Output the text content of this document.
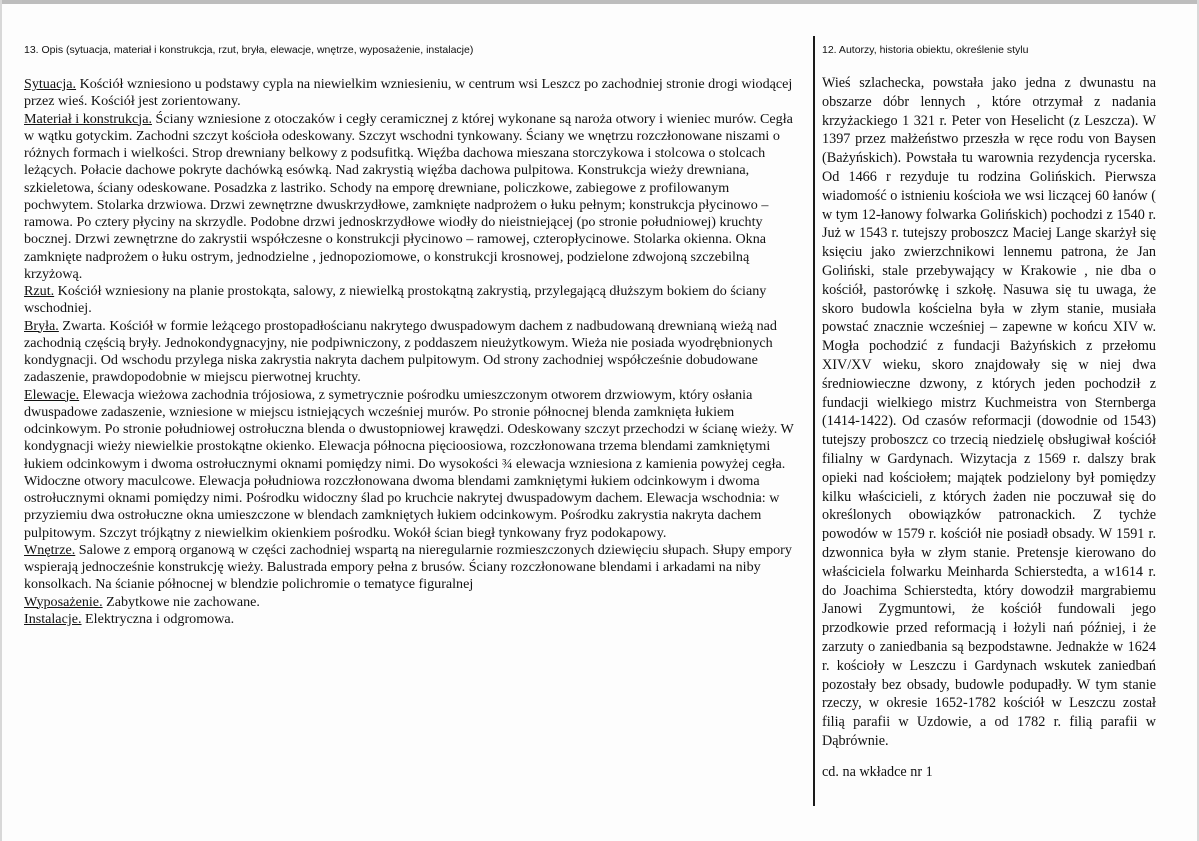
13. Opis (sytuacja, materiał i konstrukcja, rzut, bryła, elewacje, wnętrze, wyposażenie, instalacje)	12. Autorzy, historia obiektu, określenie stylu

Sytuacja. Kościół wzniesiono u podstawy cypla na niewielkim wzniesieniu, w centrum wsi Leszcz po zachodniej stronie drogi wiodącej przez wieś. Kościół jest zorientowany.

Materiał i konstrukcja. Ściany wzniesione z otoczaków i cegły ceramicznej z której wykonane są naroża otwory i wieniec murów. Cegła w wątku gotyckim. Zachodni szczyt kościoła odeskowany. Szczyt wschodni tynkowany. Ściany we wnętrzu rozczłonowane niszami o różnych formach i wielkości. Strop drewniany belkowy z podsufitką. Więźba dachowa mieszana storczykowa i stolcowa o stolcach leżących. Połacie dachowe pokryte dachówką esówką. Nad zakrystią więźba dachowa pulpitowa. Konstrukcja wieży drewniana, szkieletowa, ściany odeskowane. Posadzka z lastriko. Schody na emporę drewniane, policzkowe, zabiegowe z profilowanym pochwytem. Stolarka drzwiowa. Drzwi zewnętrzne dwuskrzydłowe, zamknięte nadprożem o łuku pełnym; konstrukcja płycinowo – ramowa. Po cztery płyciny na skrzydle. Podobne drzwi jednoskrzydłowe wiodły do nieistniejącej (po stronie południowej) kruchty bocznej. Drzwi zewnętrzne do zakrystii współczesne o konstrukcji płycinowo – ramowej, czteropłycinowe. Stolarka okienna. Okna zamknięte nadprożem o łuku ostrym, jednodzielne , jednopoziomowe, o konstrukcji krosnowej, podzielone zdwojoną szczebilną krzyżową.

Rzut. Kościół wzniesiony na planie prostokąta, salowy, z niewielką prostokątną zakrystią, przylegającą dłuższym bokiem do ściany wschodniej.

Bryła. Zwarta. Kościół w formie leżącego prostopadłościanu nakrytego dwuspadowym dachem z nadbudowaną drewnianą wieżą nad zachodnią częścią bryły. Jednokondygnacyjny, nie podpiwniczony, z poddaszem nieużytkowym. Wieża nie posiada wyodrębnionych kondygnacji. Od wschodu przylega niska zakrystia nakryta dachem pulpitowym. Od strony zachodniej współcześnie dobudowane zadaszenie, prawdopodobnie w miejscu pierwotnej kruchty.

Elewacje. Elewacja wieżowa zachodnia trójosiowa, z symetrycznie pośrodku umieszczonym otworem drzwiowym, który osłania dwuspadowe zadaszenie, wzniesione w miejscu istniejących wcześniej murów. Po stronie północnej blenda zamknięta łukiem odcinkowym. Po stronie południowej ostrołuczna blenda o dwustopniowej krawędzi. Odeskowany szczyt przechodzi w ścianę wieży. W kondygnacji wieży niewielkie prostokątne okienko. Elewacja północna pięcioosiowa, rozczłonowana trzema blendami zamkniętymi łukiem odcinkowym i dwoma ostrołucznymi oknami pomiędzy nimi. Do wysokości ¾ elewacja wzniesiona z kamienia powyżej cegła. Widoczne otwory maculcowe. Elewacja południowa rozczłonowana dwoma blendami zamkniętymi łukiem odcinkowym i dwoma ostrołucznymi oknami pomiędzy nimi. Pośrodku widoczny ślad po kruchcie nakrytej dwuspadowym dachem. Elewacja wschodnia: w przyziemiu dwa ostrołuczne okna umieszczone w blendach zamkniętych łukiem odcinkowym. Pośrodku zakrystia nakryta dachem pulpitowym. Szczyt trójkątny z niewielkim okienkiem pośrodku. Wokół ścian biegł tynkowany fryz podokapowy.

Wnętrze. Salowe z emporą organową w części zachodniej wspartą na nieregularnie rozmieszczonych dziewięciu słupach. Słupy empory wspierają jednocześnie konstrukcję wieży. Balustrada empory pełna z brusów. Ściany rozczłonowane blendami i arkadami na niby konsolkach. Na ścianie północnej w blendzie polichromie o tematyce figuralnej

Wyposażenie. Zabytkowe nie zachowane.

Instalacje. Elektryczna i odgromowa.

Wieś szlachecka, powstała jako jedna z dwunastu na obszarze dóbr lennych , które otrzymał z nadania krzyżackiego 1 321 r. Peter von Heselicht (z Leszcza). W 1397 przez małżeństwo przeszła w ręce rodu von Baysen (Bażyńskich). Powstała tu warownia rezydencja rycerska. Od 1466 r rezyduje tu rodzina Golińskich. Pierwsza wiadomość o istnieniu kościoła we wsi liczącej 60 łanów ( w tym 12-łanowy folwarka Golińskich) pochodzi z 1540 r. Już w 1543 r. tutejszy proboszcz Maciej Lange skarżył się księciu jako zwierzchnikowi lennemu patrona, że Jan Goliński, stale przebywający w Krakowie , nie dba o kościół, pastorówkę i szkołę. Nasuwa się tu uwaga, że skoro budowla kościelna była w złym stanie, musiała powstać znacznie wcześniej – zapewne w końcu XIV w. Mogła pochodzić z fundacji Bażyńskich z przełomu XIV/XV wieku, skoro znajdowały się w niej dwa średniowieczne dzwony, z których jeden pochodził z fundacji wielkiego mistrz Kuchmeistra von Sternberga (1414-1422). Od czasów reformacji (dowodnie od 1543) tutejszy proboszcz co trzecią niedzielę obsługiwał kościół filialny w Gardynach. Wizytacja z 1569 r. dalszy brak opieki nad kościołem; majątek podzielony był pomiędzy kilku właścicieli, z których żaden nie poczuwał się do określonych obowiązków patronackich. Z tychże powodów w 1579 r. kościół nie posiadł obsady. W 1591 r. dzwonnica była w złym stanie. Pretensje kierowano do właściciela folwarku Meinharda Schierstedta, a w1614 r. do Joachima Schierstedta, który dowodził margrabiemu Janowi Zygmuntowi, że kościół fundowali jego przodkowie przed reformacją i łożyli nań później, i że zarzuty o zaniedbania są bezpodstawne. Jednakże w 1624 r. kościoły w Leszczu i Gardynach wskutek zaniedbań pozostały bez obsady, budowle podupadły. W tym stanie rzeczy, w okresie 1652-1782 kościół w Leszczu został filią parafii w Uzdowie, a od 1782 r. filią parafii w Dąbrównie.

cd. na wkładce nr 1
